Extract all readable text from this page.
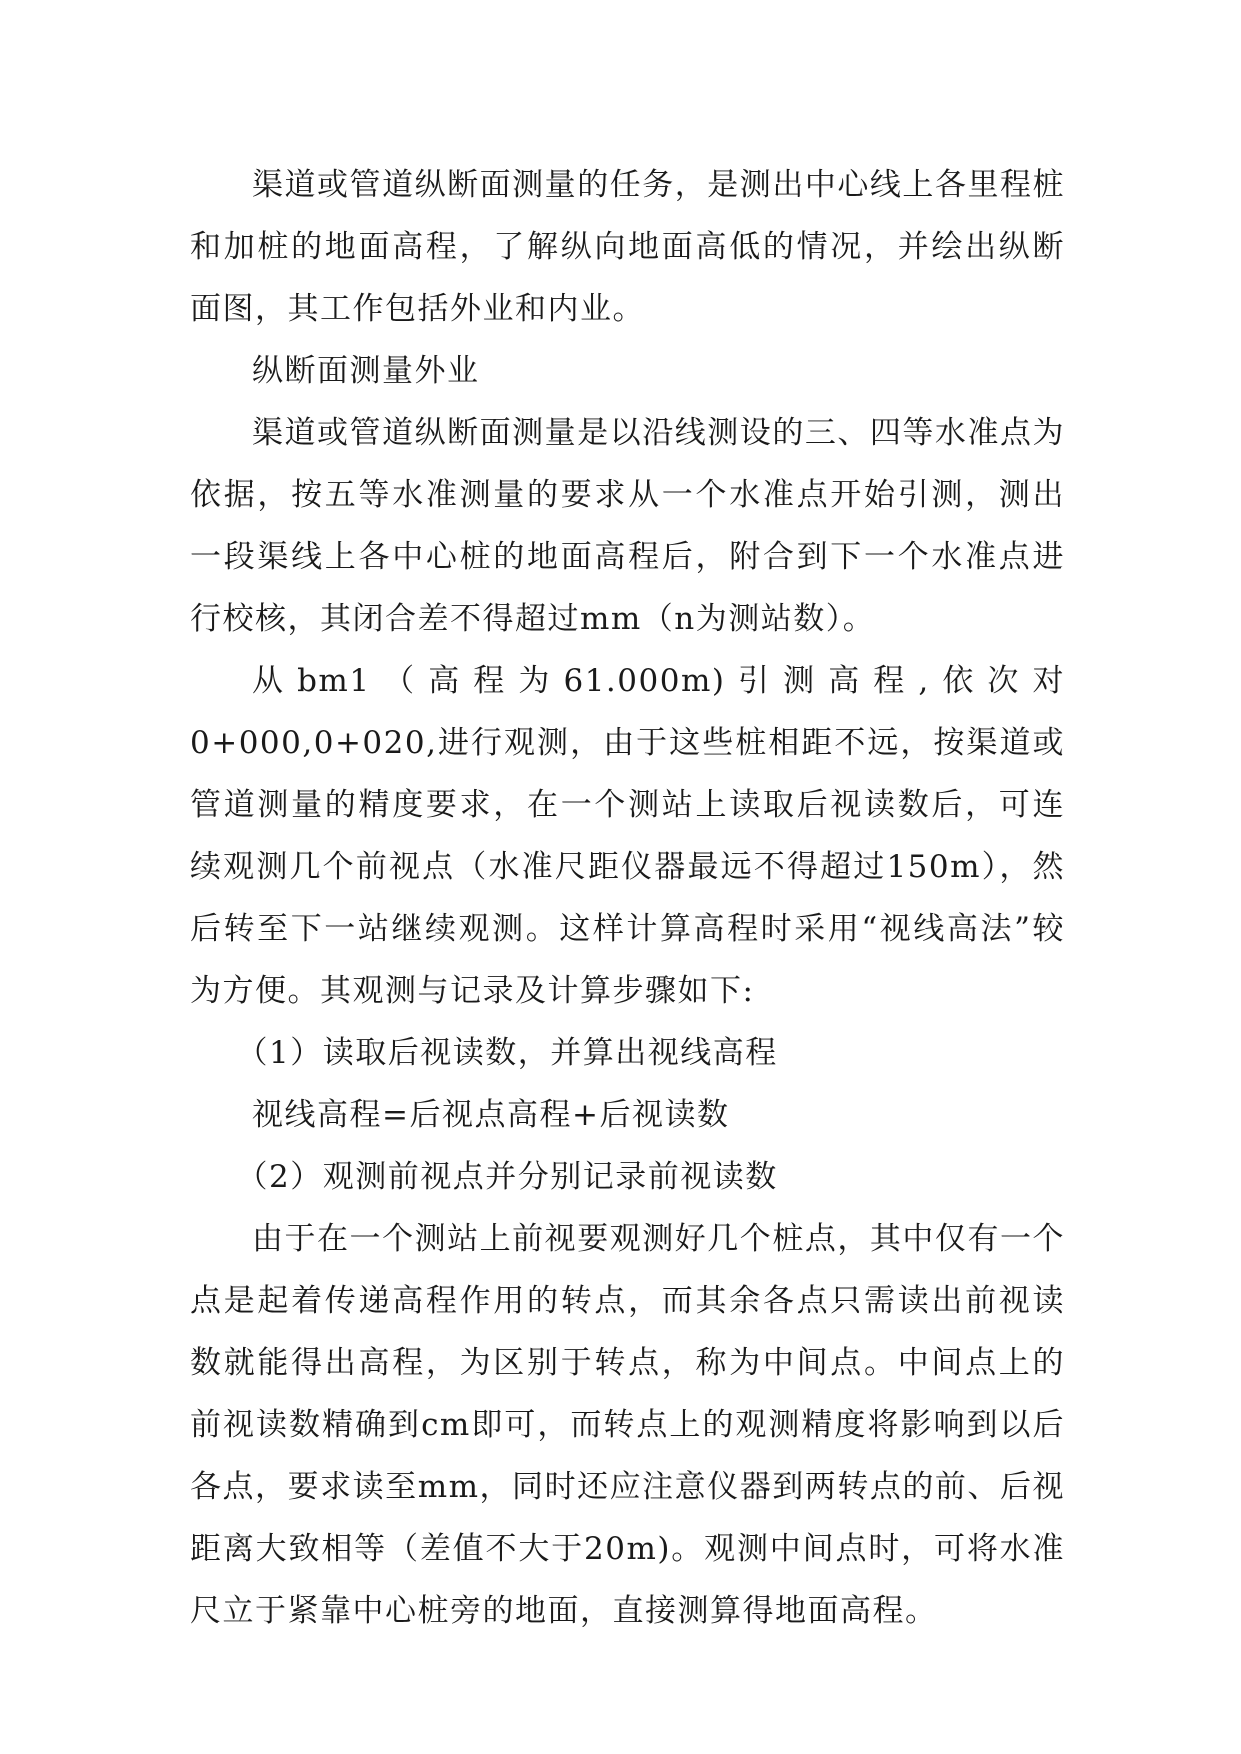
渠道或管道纵断面测量的任务，是测出中心线上各里程桩和加桩的地面高程，了解纵向地面高低的情况，并绘出纵断面图，其工作包括外业和内业。

纵断面测量外业

渠道或管道纵断面测量是以沿线测设的三、四等水准点为依据，按五等水准测量的要求从一个水准点开始引测，测出一段渠线上各中心桩的地面高程后，附合到下一个水准点进行校核，其闭合差不得超过mm（n为测站数）。

从bm1（高程为61.000m)引测高程,依次对0+000,0+020,进行观测，由于这些桩相距不远，按渠道或管道测量的精度要求，在一个测站上读取后视读数后，可连续观测几个前视点（水准尺距仪器最远不得超过150m），然后转至下一站继续观测。这样计算高程时采用“视线高法”较为方便。其观测与记录及计算步骤如下:

（1）读取后视读数，并算出视线高程

视线高程=后视点高程+后视读数

（2）观测前视点并分别记录前视读数

由于在一个测站上前视要观测好几个桩点，其中仅有一个点是起着传递高程作用的转点，而其余各点只需读出前视读数就能得出高程，为区别于转点，称为中间点。中间点上的前视读数精确到cm即可，而转点上的观测精度将影响到以后各点，要求读至mm，同时还应注意仪器到两转点的前、后视距离大致相等（差值不大于20m)。观测中间点时，可将水准尺立于紧靠中心桩旁的地面，直接测算得地面高程。
